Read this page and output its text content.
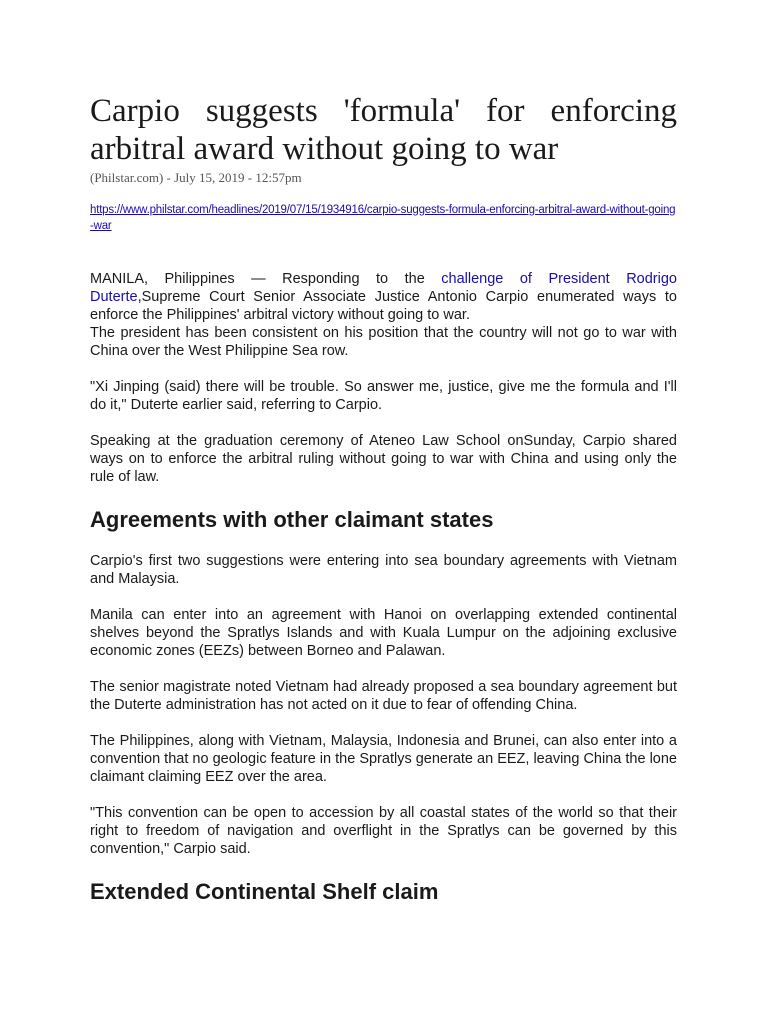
Carpio suggests 'formula' for enforcing arbitral award without going to war
(Philstar.com) - July 15, 2019 - 12:57pm
https://www.philstar.com/headlines/2019/07/15/1934916/carpio-suggests-formula-enforcing-arbitral-award-without-going-war

MANILA, Philippines — Responding to the challenge of President Rodrigo Duterte,Supreme Court Senior Associate Justice Antonio Carpio enumerated ways to enforce the Philippines' arbitral victory without going to war.

The president has been consistent on his position that the country will not go to war with China over the West Philippine Sea row.

"Xi Jinping (said) there will be trouble. So answer me, justice, give me the formula and I'll do it," Duterte earlier said, referring to Carpio.

Speaking at the graduation ceremony of Ateneo Law School onSunday, Carpio shared ways on to enforce the arbitral ruling without going to war with China and using only the rule of law.

Agreements with other claimant states

Carpio's first two suggestions were entering into sea boundary agreements with Vietnam and Malaysia.

Manila can enter into an agreement with Hanoi on overlapping extended continental shelves beyond the Spratlys Islands and with Kuala Lumpur on the adjoining exclusive economic zones (EEZs) between Borneo and Palawan.

The senior magistrate noted Vietnam had already proposed a sea boundary agreement but the Duterte administration has not acted on it due to fear of offending China.

The Philippines, along with Vietnam, Malaysia, Indonesia and Brunei, can also enter into a convention that no geologic feature in the Spratlys generate an EEZ, leaving China the lone claimant claiming EEZ over the area.

"This convention can be open to accession by all coastal states of the world so that their right to freedom of navigation and overflight in the Spratlys can be governed by this convention," Carpio said.

Extended Continental Shelf claim
